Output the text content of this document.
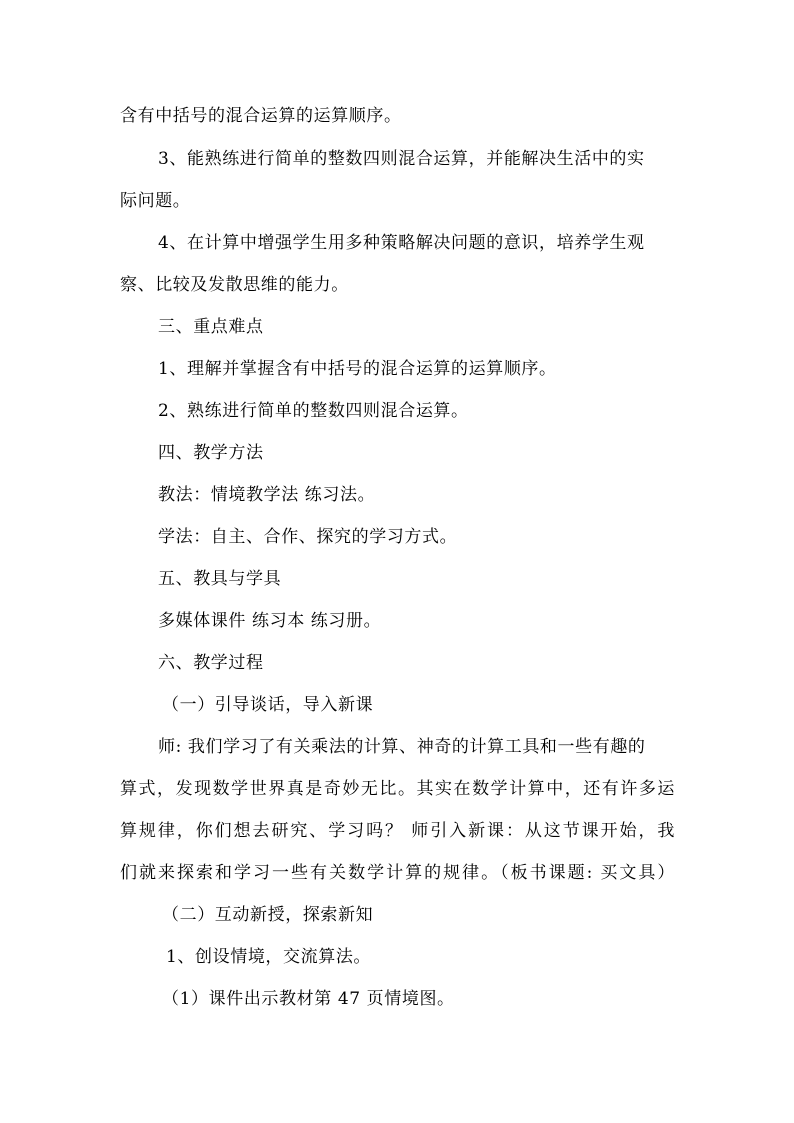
含有中括号的混合运算的运算顺序。
3、能熟练进行简单的整数四则混合运算，并能解决生活中的实
际问题。
4、在计算中增强学生用多种策略解决问题的意识，培养学生观
察、比较及发散思维的能力。
三、重点难点
1、理解并掌握含有中括号的混合运算的运算顺序。
2、熟练进行简单的整数四则混合运算。
四、教学方法
教法：情境教学法 练习法。
学法：自主、合作、探究的学习方式。
五、教具与学具
多媒体课件 练习本 练习册。
六、教学过程
（一）引导谈话，导入新课
师: 我们学习了有关乘法的计算、神奇的计算工具和一些有趣的
算式，发现数学世界真是奇妙无比。其实在数学计算中，还有许多运
算规律，你们想去研究、学习吗？ 师引入新课：从这节课开始，我
们就来探索和学习一些有关数学计算的规律。（板书课题: 买文具）
（二）互动新授，探索新知
1、创设情境，交流算法。
（1）课件出示教材第 47 页情境图。
